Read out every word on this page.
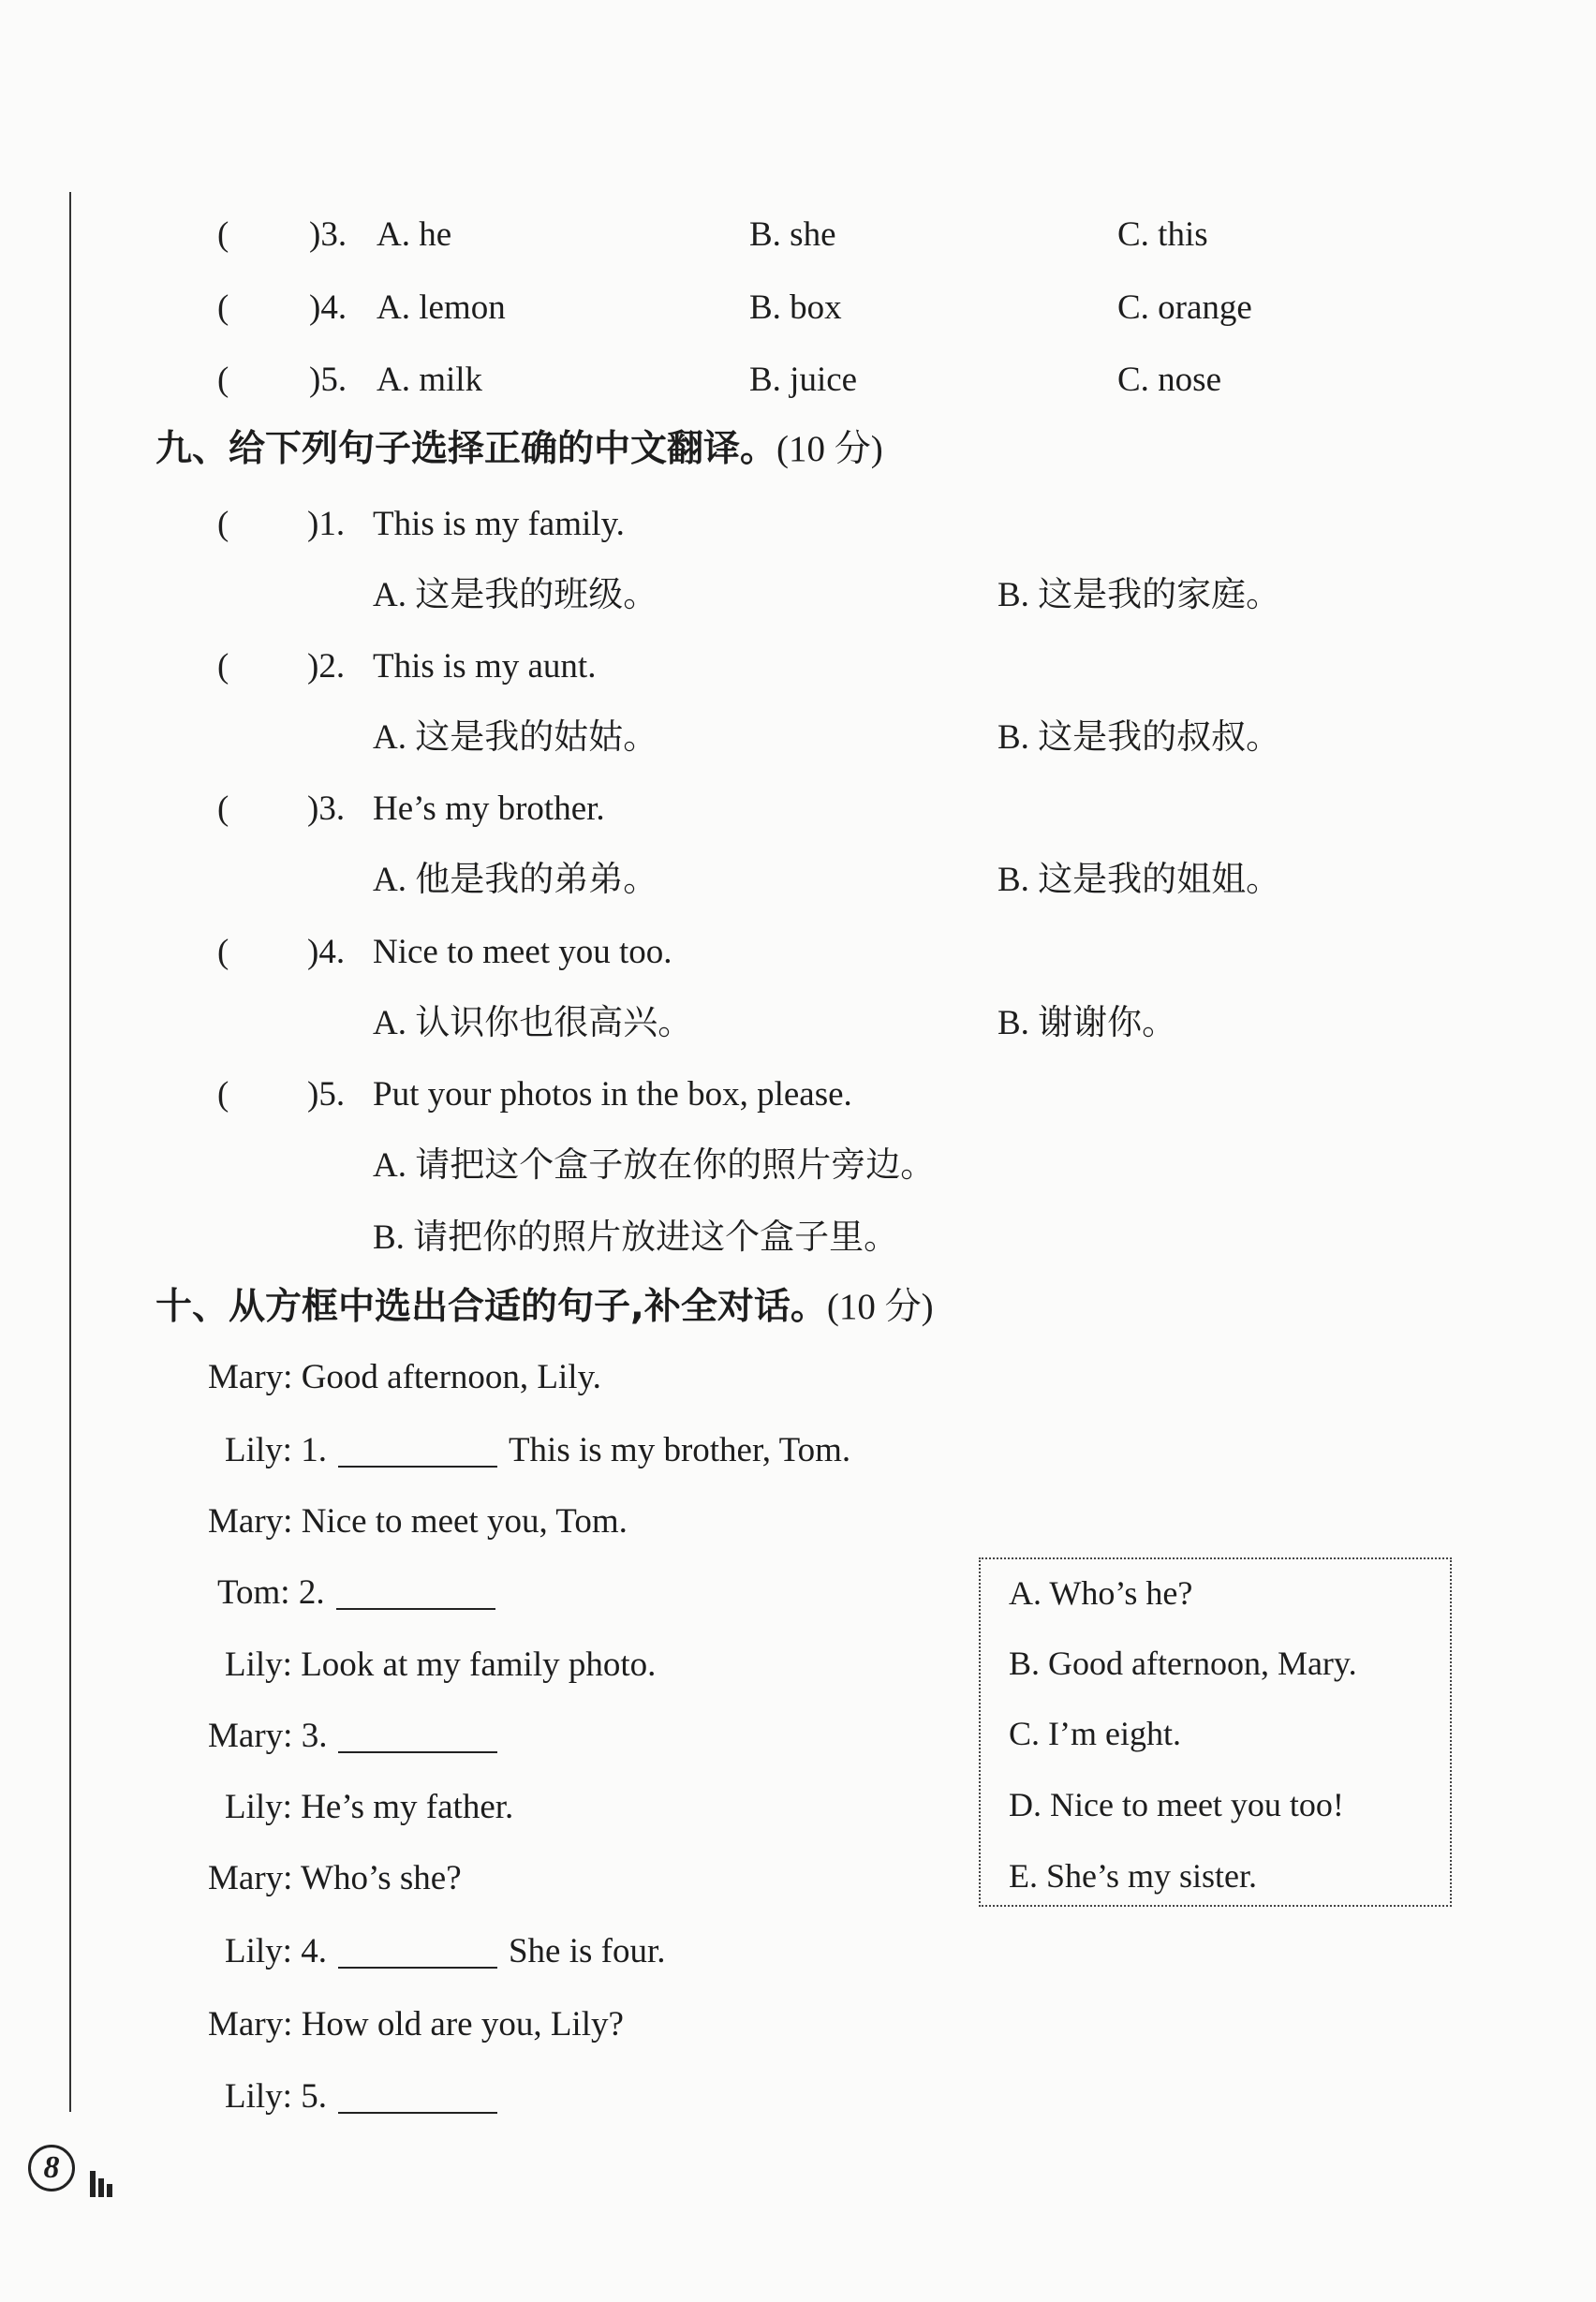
( )3. A. he	B. she	C. this
( )4. A. lemon	B. box	C. orange
( )5. A. milk	B. juice	C. nose
九、给下列句子选择正确的中文翻译。(10 分)
( )1. This is my family.
A. 这是我的班级。	B. 这是我的家庭。
( )2. This is my aunt.
A. 这是我的姑姑。	B. 这是我的叔叔。
( )3. He’s my brother.
A. 他是我的弟弟。	B. 这是我的姐姐。
( )4. Nice to meet you too.
A. 认识你也很高兴。	B. 谢谢你。
( )5. Put your photos in the box, please.
A. 请把这个盒子放在你的照片旁边。
B. 请把你的照片放进这个盒子里。
十、从方框中选出合适的句子,补全对话。(10 分)
Mary: Good afternoon, Lily.
Lily: 1.	This is my brother, Tom.
Mary: Nice to meet you, Tom.
Tom: 2.
Lily: Look at my family photo.
Mary: 3.
Lily: He’s my father.
Mary: Who’s she?
Lily: 4.	She is four.
Mary: How old are you, Lily?
Lily: 5.
A. Who’s he?
B. Good afternoon, Mary.
C. I’m eight.
D. Nice to meet you too!
E. She’s my sister.
8
